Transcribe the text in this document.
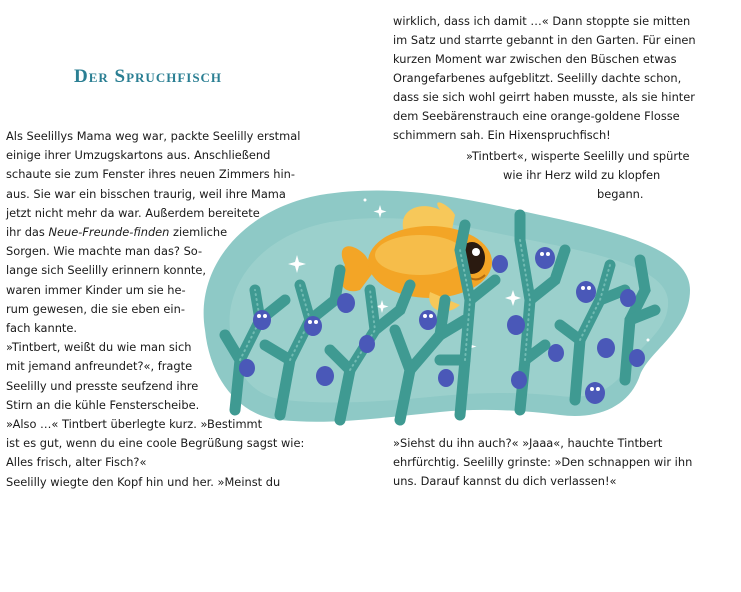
Der Spruchfisch
Als Seelillys Mama weg war, packte Seelilly erstmal
einige ihrer Umzugskartons aus. Anschließend
schaute sie zum Fenster ihres neuen Zimmers hin-
aus. Sie war ein bisschen traurig, weil ihre Mama
jetzt nicht mehr da war. Außerdem bereitete
ihr das Neue-Freunde-finden ziemliche
Sorgen. Wie machte man das? So-
lange sich Seelilly erinnern konnte,
waren immer Kinder um sie he-
rum gewesen, die sie eben ein-
fach kannte.
»Tintbert, weißt du wie man sich
mit jemand anfreundet?«, fragte
Seelilly und presste seufzend ihre
Stirn an die kühle Fensterscheibe.
»Also …« Tintbert überlegte kurz. »Bestimmt
ist es gut, wenn du eine coole Begrüßung sagst wie:
Alles frisch, alter Fisch?«
Seelilly wiegte den Kopf hin und her. »Meinst du
wirklich, dass ich damit …« Dann stoppte sie mitten
im Satz und starrte gebannt in den Garten. Für einen
kurzen Moment war zwischen den Büschen etwas
Orangefarbenes aufgeblitzt. Seelilly dachte schon,
dass sie sich wohl geirrt haben musste, als sie hinter
dem Seebärenstrauch eine orange-goldene Flosse
schimmern sah. Ein Hixenspruchfisch!
»Tintbert«, wisperte Seelilly und spürte
wie ihr Herz wild zu klopfen
begann.
»Siehst du ihn auch?« »Jaaa«, hauchte Tintbert
ehrfürchtig. Seelilly grinste: »Den schnappen wir ihn
uns. Darauf kannst du dich verlassen!«
